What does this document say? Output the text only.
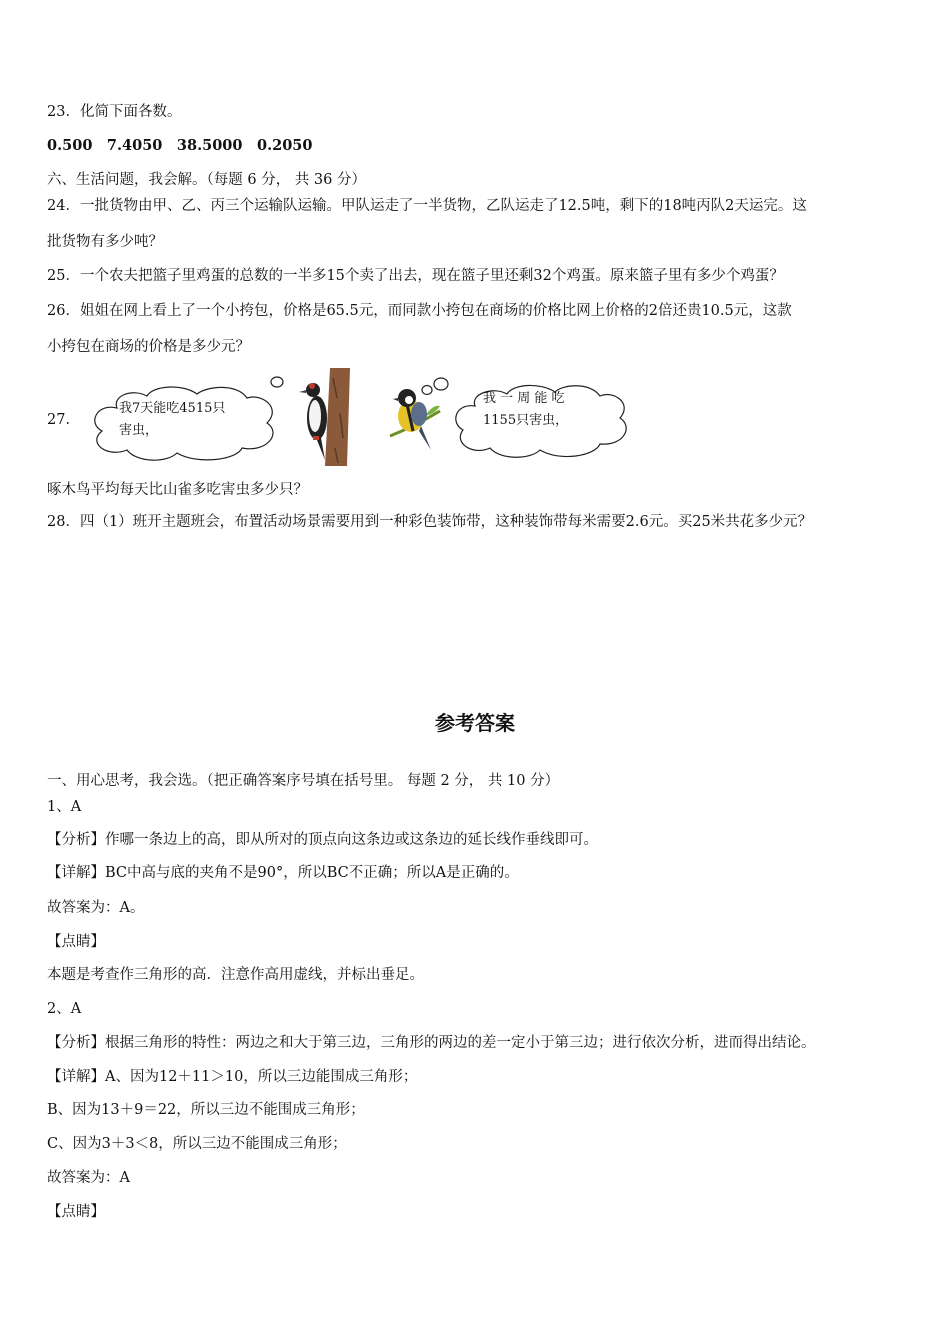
23．化简下面各数。
0.500　7.4050　38.5000　0.2050
六、生活问题，我会解。（每题 6 分， 共 36 分）
24．一批货物由甲、乙、丙三个运输队运输。甲队运走了一半货物，乙队运走了12.5吨，剩下的18吨丙队2天运完。这
批货物有多少吨？
25．一个农夫把篮子里鸡蛋的总数的一半多15个卖了出去，现在篮子里还剩32个鸡蛋。原来篮子里有多少个鸡蛋？
26．姐姐在网上看上了一个小挎包，价格是65.5元，而同款小挎包在商场的价格比网上价格的2倍还贵10.5元，这款
小挎包在商场的价格是多少元？
27．
我7天能吃4515只
害虫，
我 一 周 能 吃
1155只害虫，
啄木鸟平均每天比山雀多吃害虫多少只？
28．四（1）班开主题班会，布置活动场景需要用到一种彩色装饰带，这种装饰带每米需要2.6元。买25米共花多少元？
参考答案
一、用心思考，我会选。（把正确答案序号填在括号里。 每题 2 分， 共 10 分）
1、A
【分析】作哪一条边上的高，即从所对的顶点向这条边或这条边的延长线作垂线即可。
【详解】BC中高与底的夹角不是90°，所以BC不正确；所以A是正确的。
故答案为：A。
【点睛】
本题是考查作三角形的高．注意作高用虚线，并标出垂足。
2、A
【分析】根据三角形的特性：两边之和大于第三边，三角形的两边的差一定小于第三边；进行依次分析，进而得出结论。
【详解】A、因为12＋11＞10，所以三边能围成三角形；
B、因为13＋9＝22，所以三边不能围成三角形；
C、因为3＋3＜8，所以三边不能围成三角形；
故答案为：A
【点睛】
